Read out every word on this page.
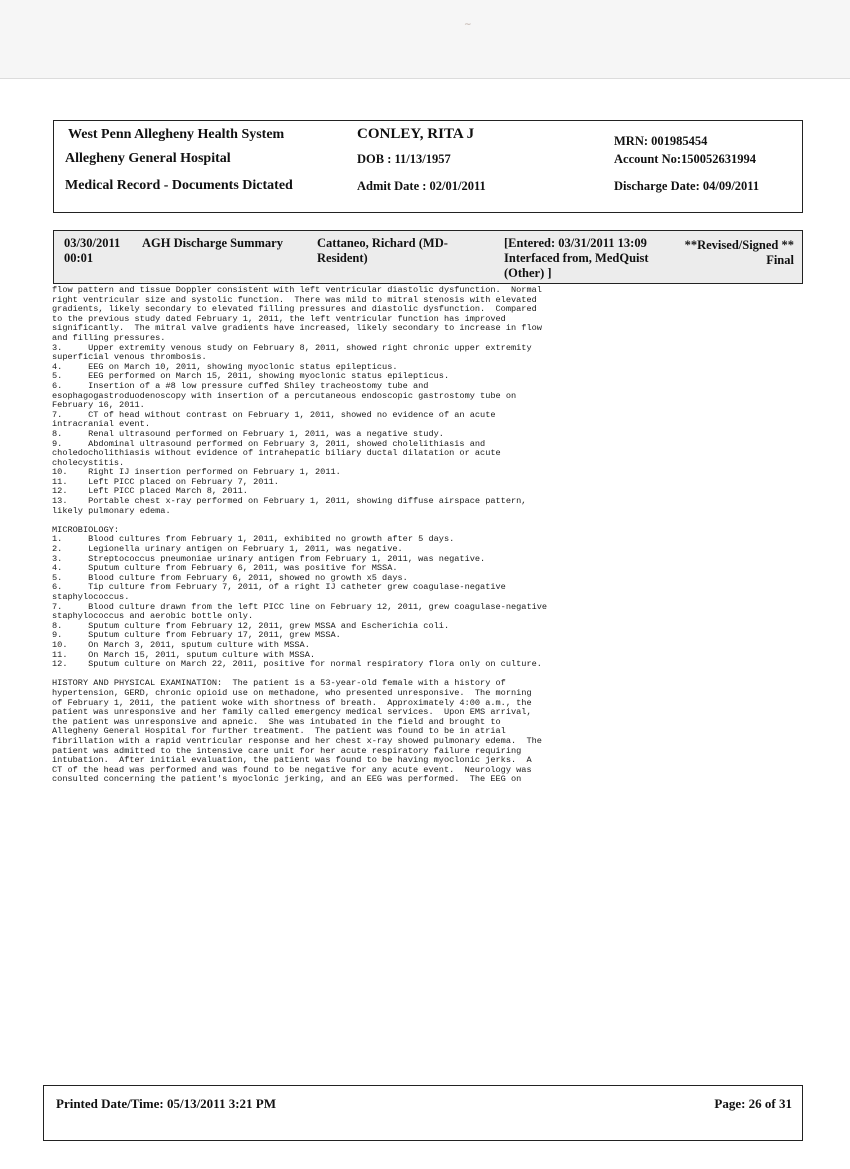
~
West Penn Allegheny Health System
Allegheny General Hospital
Medical Record - Documents Dictated
CONLEY, RITA J
DOB : 11/13/1957
Admit Date : 02/01/2011
MRN: 001985454
Account No:150052631994
Discharge Date: 04/09/2011
03/30/2011 00:01
AGH Discharge Summary	Cattaneo, Richard (MD-Resident)
[Entered: 03/31/2011 13:09 Interfaced from, MedQuist (Other) ]
**Revised/Signed ** Final
flow pattern and tissue Doppler consistent with left ventricular diastolic dysfunction.  Normal
right ventricular size and systolic function.  There was mild to mitral stenosis with elevated
gradients, likely secondary to elevated filling pressures and diastolic dysfunction.  Compared
to the previous study dated February 1, 2011, the left ventricular function has improved
significantly.  The mitral valve gradients have increased, likely secondary to increase in flow
and filling pressures.
3.     Upper extremity venous study on February 8, 2011, showed right chronic upper extremity
superficial venous thrombosis.
4.     EEG on March 10, 2011, showing myoclonic status epilepticus.
5.     EEG performed on March 15, 2011, showing myoclonic status epilepticus.
6.     Insertion of a #8 low pressure cuffed Shiley tracheostomy tube and
esophagogastroduodenoscopy with insertion of a percutaneous endoscopic gastrostomy tube on
February 16, 2011.
7.     CT of head without contrast on February 1, 2011, showed no evidence of an acute
intracranial event.
8.     Renal ultrasound performed on February 1, 2011, was a negative study.
9.     Abdominal ultrasound performed on February 3, 2011, showed cholelithiasis and
choledocholithiasis without evidence of intrahepatic biliary ductal dilatation or acute
cholecystitis.
10.    Right IJ insertion performed on February 1, 2011.
11.    Left PICC placed on February 7, 2011.
12.    Left PICC placed March 8, 2011.
13.    Portable chest x-ray performed on February 1, 2011, showing diffuse airspace pattern,
likely pulmonary edema.
MICROBIOLOGY:
1.     Blood cultures from February 1, 2011, exhibited no growth after 5 days.
2.     Legionella urinary antigen on February 1, 2011, was negative.
3.     Streptococcus pneumoniae urinary antigen from February 1, 2011, was negative.
4.     Sputum culture from February 6, 2011, was positive for MSSA.
5.     Blood culture from February 6, 2011, showed no growth x5 days.
6.     Tip culture from February 7, 2011, of a right IJ catheter grew coagulase-negative
staphylococcus.
7.     Blood culture drawn from the left PICC line on February 12, 2011, grew coagulase-negative
staphylococcus and aerobic bottle only.
8.     Sputum culture from February 12, 2011, grew MSSA and Escherichia coli.
9.     Sputum culture from February 17, 2011, grew MSSA.
10.    On March 3, 2011, sputum culture with MSSA.
11.    On March 15, 2011, sputum culture with MSSA.
12.    Sputum culture on March 22, 2011, positive for normal respiratory flora only on culture.
HISTORY AND PHYSICAL EXAMINATION:  The patient is a 53-year-old female with a history of
hypertension, GERD, chronic opioid use on methadone, who presented unresponsive.  The morning
of February 1, 2011, the patient woke with shortness of breath.  Approximately 4:00 a.m., the
patient was unresponsive and her family called emergency medical services.  Upon EMS arrival,
the patient was unresponsive and apneic.  She was intubated in the field and brought to
Allegheny General Hospital for further treatment.  The patient was found to be in atrial
fibrillation with a rapid ventricular response and her chest x-ray showed pulmonary edema.  The
patient was admitted to the intensive care unit for her acute respiratory failure requiring
intubation.  After initial evaluation, the patient was found to be having myoclonic jerks.  A
CT of the head was performed and was found to be negative for any acute event.  Neurology was
consulted concerning the patient's myoclonic jerking, and an EEG was performed.  The EEG on
Printed Date/Time: 05/13/2011 3:21 PM	Page: 26 of 31
